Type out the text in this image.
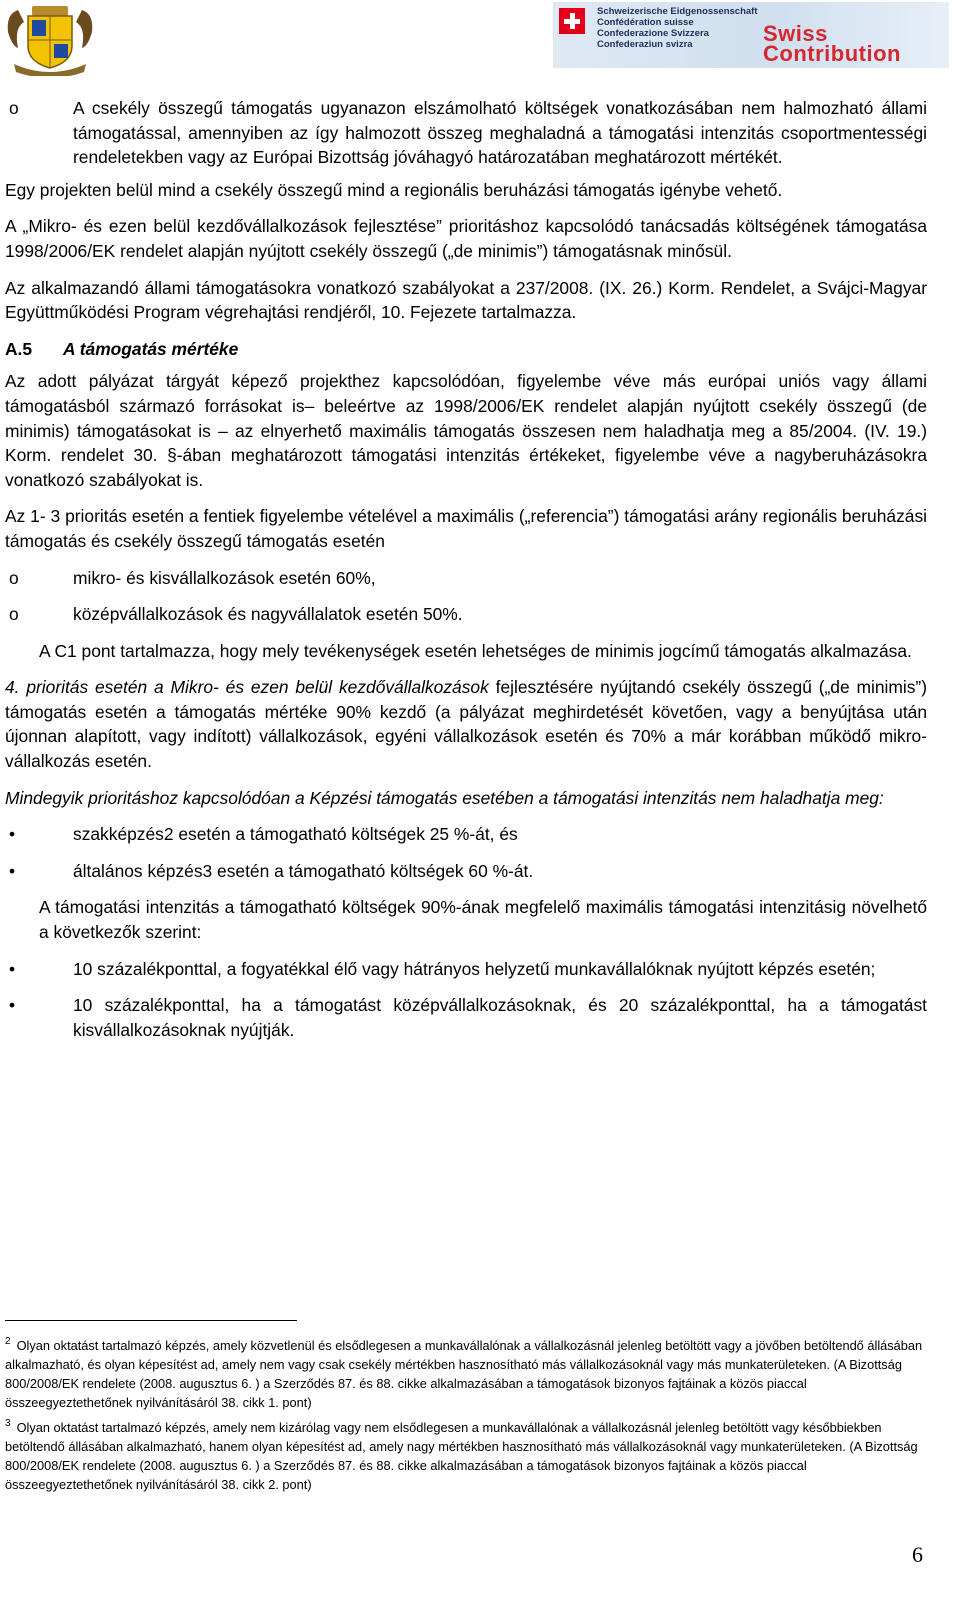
Schweizerische Eidgenossenschaft
Confédération suisse
Confederazione Svizzera
Confederaziun svizra	Swiss
Contribution
o	A csekély összegű támogatás ugyanazon elszámolható költségek vonatkozásában nem halmozható állami támogatással, amennyiben az így halmozott összeg meghaladná a támogatási intenzitás csoportmentességi rendeletekben vagy az Európai Bizottság jóváhagyó határozatában meghatározott mértékét.

Egy projekten belül mind a csekély összegű mind a regionális beruházási támogatás igénybe vehető.

A „Mikro- és ezen belül kezdővállalkozások fejlesztése” prioritáshoz kapcsolódó tanácsadás költségének támogatása 1998/2006/EK rendelet alapján nyújtott csekély összegű („de minimis”) támogatásnak minősül.

Az alkalmazandó állami támogatásokra vonatkozó szabályokat a 237/2008. (IX. 26.) Korm. Rendelet, a Svájci-Magyar Együttműködési Program végrehajtási rendjéről, 10. Fejezete tartalmazza.

A.5 A támogatás mértéke

Az adott pályázat tárgyát képező projekthez kapcsolódóan, figyelembe véve más európai uniós vagy állami támogatásból származó forrásokat is– beleértve az 1998/2006/EK rendelet alapján nyújtott csekély összegű (de minimis) támogatásokat is – az elnyerhető maximális támogatás összesen nem haladhatja meg a 85/2004. (IV. 19.) Korm. rendelet 30. §-ában meghatározott támogatási intenzitás értékeket, figyelembe véve a nagyberuházásokra vonatkozó szabályokat is.

Az 1- 3 prioritás esetén a fentiek figyelembe vételével a maximális („referencia”) támogatási arány regionális beruházási támogatás és csekély összegű támogatás esetén

o	mikro- és kisvállalkozások esetén 60%,
o	középvállalkozások és nagyvállalatok esetén 50%.

A C1 pont tartalmazza, hogy mely tevékenységek esetén lehetséges de minimis jogcímű támogatás alkalmazása.

4. prioritás esetén a Mikro- és ezen belül kezdővállalkozások fejlesztésére nyújtandó csekély összegű („de minimis”) támogatás esetén a támogatás mértéke 90% kezdő (a pályázat meghirdetését követően, vagy a benyújtása után újonnan alapított, vagy indított) vállalkozások, egyéni vállalkozások esetén és 70% a már korábban működő mikro-vállalkozás esetén.

Mindegyik prioritáshoz kapcsolódóan a Képzési támogatás esetében a támogatási intenzitás nem haladhatja meg:

•	szakképzés2 esetén a támogatható költségek 25 %-át, és
•	általános képzés3 esetén a támogatható költségek 60 %-át.

A támogatási intenzitás a támogatható költségek 90%-ának megfelelő maximális támogatási intenzitásig növelhető a következők szerint:

•	10 százalékponttal, a fogyatékkal élő vagy hátrányos helyzetű munkavállalóknak nyújtott képzés esetén;
•	10 százalékponttal, ha a támogatást középvállalkozásoknak, és 20 százalékponttal, ha a támogatást kisvállalkozásoknak nyújtják.
$^2$ Olyan oktatást tartalmazó képzés, amely közvetlenül és elsődlegesen a munkavállalónak a vállalkozásnál jelenleg betöltött vagy a jövőben betöltendő állásában alkalmazható, és olyan képesítést ad, amely nem vagy csak csekély mértékben hasznosítható más vállalkozásoknál vagy más munkaterületeken. (A Bizottság 800/2008/EK rendelete (2008. augusztus 6. ) a Szerződés 87. és 88. cikke alkalmazásában a támogatások bizonyos fajtáinak a közös piaccal összeegyeztethetőnek nyilvánításáról 38. cikk 1. pont)
$^3$ Olyan oktatást tartalmazó képzés, amely nem kizárólag vagy nem elsődlegesen a munkavállalónak a vállalkozásnál jelenleg betöltött vagy későbbiekben betöltendő állásában alkalmazható, hanem olyan képesítést ad, amely nagy mértékben hasznosítható más vállalkozásoknál vagy munkaterületeken. (A Bizottság 800/2008/EK rendelete (2008. augusztus 6. ) a Szerződés 87. és 88. cikke alkalmazásában a támogatások bizonyos fajtáinak a közös piaccal összeegyeztethetőnek nyilvánításáról 38. cikk 2. pont)
6
